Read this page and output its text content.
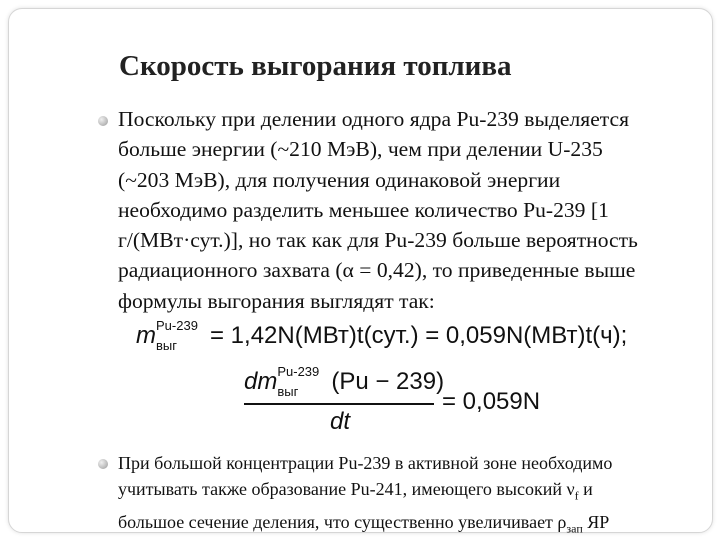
Скорость выгорания топлива
Поскольку при делении одного ядра Pu-239 выделяется
больше энергии (~210 МэВ), чем при делении U-235
(~203 МэВ), для получения одинаковой энергии
необходимо разделить меньшее количество Pu-239 [1
г/(МВт·сут.)], но так как для Pu-239 больше вероятность
радиационного захвата (α = 0,42), то приведенные выше
формулы выгорания выглядят так:
m Pu-239
выг = 1,42N(МВт)t(сут.) = 0,059N(МВт)t(ч);
dm Pu-239
выг (Pu − 239)
dt
= 0,059N
При большой концентрации Pu-239 в активной зоне необходимо
учитывать также образование Pu-241, имеющего высокий $\nu_f$ и
большое сечение деления, что существенно увеличивает $\rho_{зап}$ ЯР
